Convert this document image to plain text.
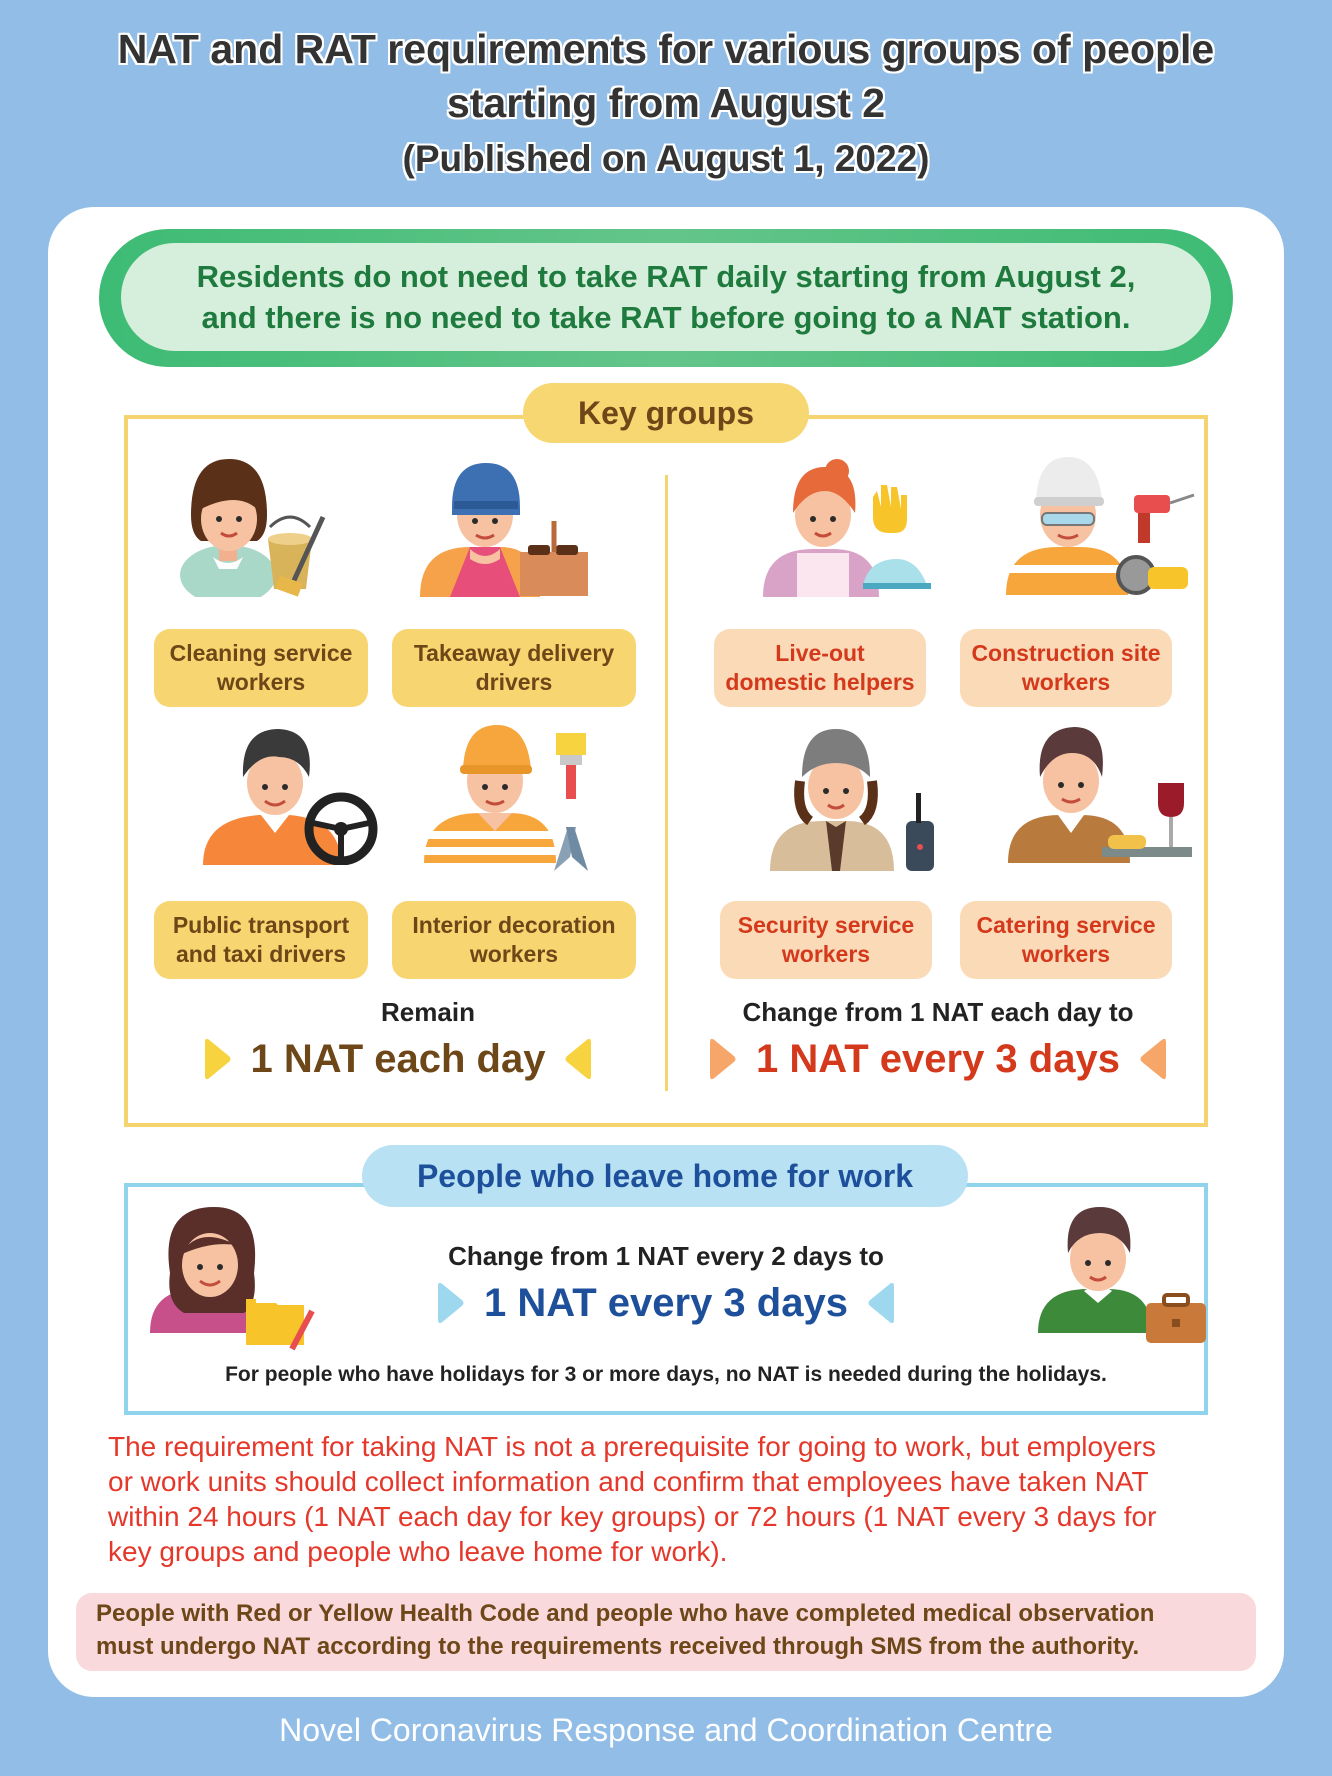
NAT and RAT requirements for various groups of people
starting from August 2
(Published on August 1, 2022)
Residents do not need to take RAT daily starting from August 2,
and there is no need to take RAT before going to a NAT station.
Key groups
Cleaning service
workers
Takeaway delivery
drivers
Public transport
and taxi drivers
Interior decoration
workers
Live-out
domestic helpers
Construction site
workers
Security service
workers
Catering service
workers
Remain
1 NAT each day
Change from 1 NAT each day to
1 NAT every 3 days
People who leave home for work
Change from 1 NAT every 2 days to
1 NAT every 3 days
For people who have holidays for 3 or more days, no NAT is needed during the holidays.
The requirement for taking NAT is not a prerequisite for going to work, but employers
or work units should collect information and confirm that employees have taken NAT
within 24 hours (1 NAT each day for key groups) or 72 hours (1 NAT every 3 days for
key groups and people who leave home for work).
People with Red or Yellow Health Code and people who have completed medical observation
must undergo NAT according to the requirements received through SMS from the authority.
Novel Coronavirus Response and Coordination Centre
